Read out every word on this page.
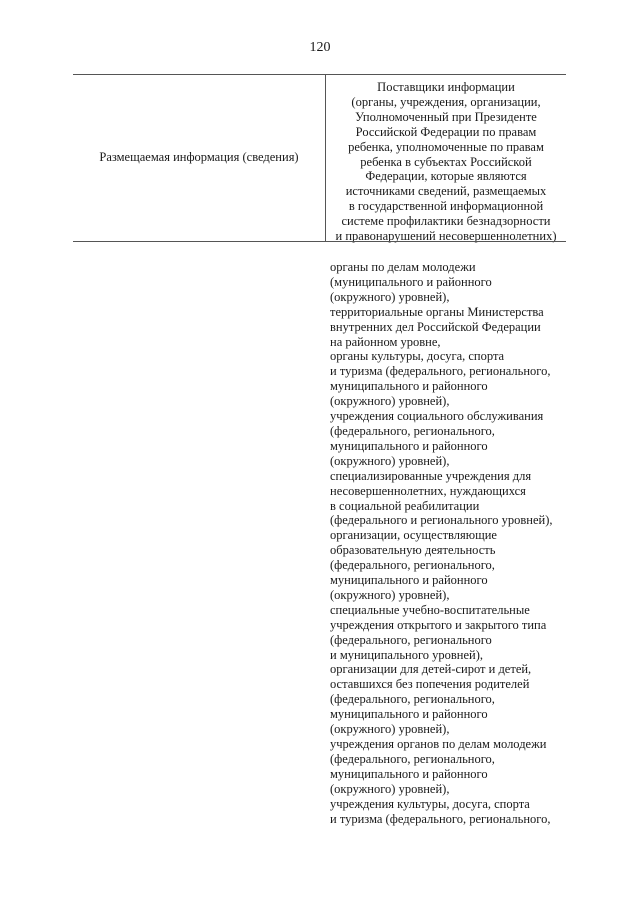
120
Размещаемая информация (сведения)
Поставщики информации
(органы, учреждения, организации,
Уполномоченный при Президенте
Российской Федерации по правам
ребенка, уполномоченные по правам
ребенка в субъектах Российской
Федерации, которые являются
источниками сведений, размещаемых
в государственной информационной
системе профилактики безнадзорности
и правонарушений несовершеннолетних)
органы по делам молодежи
(муниципального и районного
(окружного) уровней),
территориальные органы Министерства
внутренних дел Российской Федерации
на районном уровне,
органы культуры, досуга, спорта
и туризма (федерального, регионального,
муниципального и районного
(окружного) уровней),
учреждения социального обслуживания
(федерального, регионального,
муниципального и районного
(окружного) уровней),
специализированные учреждения для
несовершеннолетних, нуждающихся
в социальной реабилитации
(федерального и регионального уровней),
организации, осуществляющие
образовательную деятельность
(федерального, регионального,
муниципального и районного
(окружного) уровней),
специальные учебно-воспитательные
учреждения открытого и закрытого типа
(федерального, регионального
и муниципального уровней),
организации для детей-сирот и детей,
оставшихся без попечения родителей
(федерального, регионального,
муниципального и районного
(окружного) уровней),
учреждения органов по делам молодежи
(федерального, регионального,
муниципального и районного
(окружного) уровней),
учреждения культуры, досуга, спорта
и туризма (федерального, регионального,
